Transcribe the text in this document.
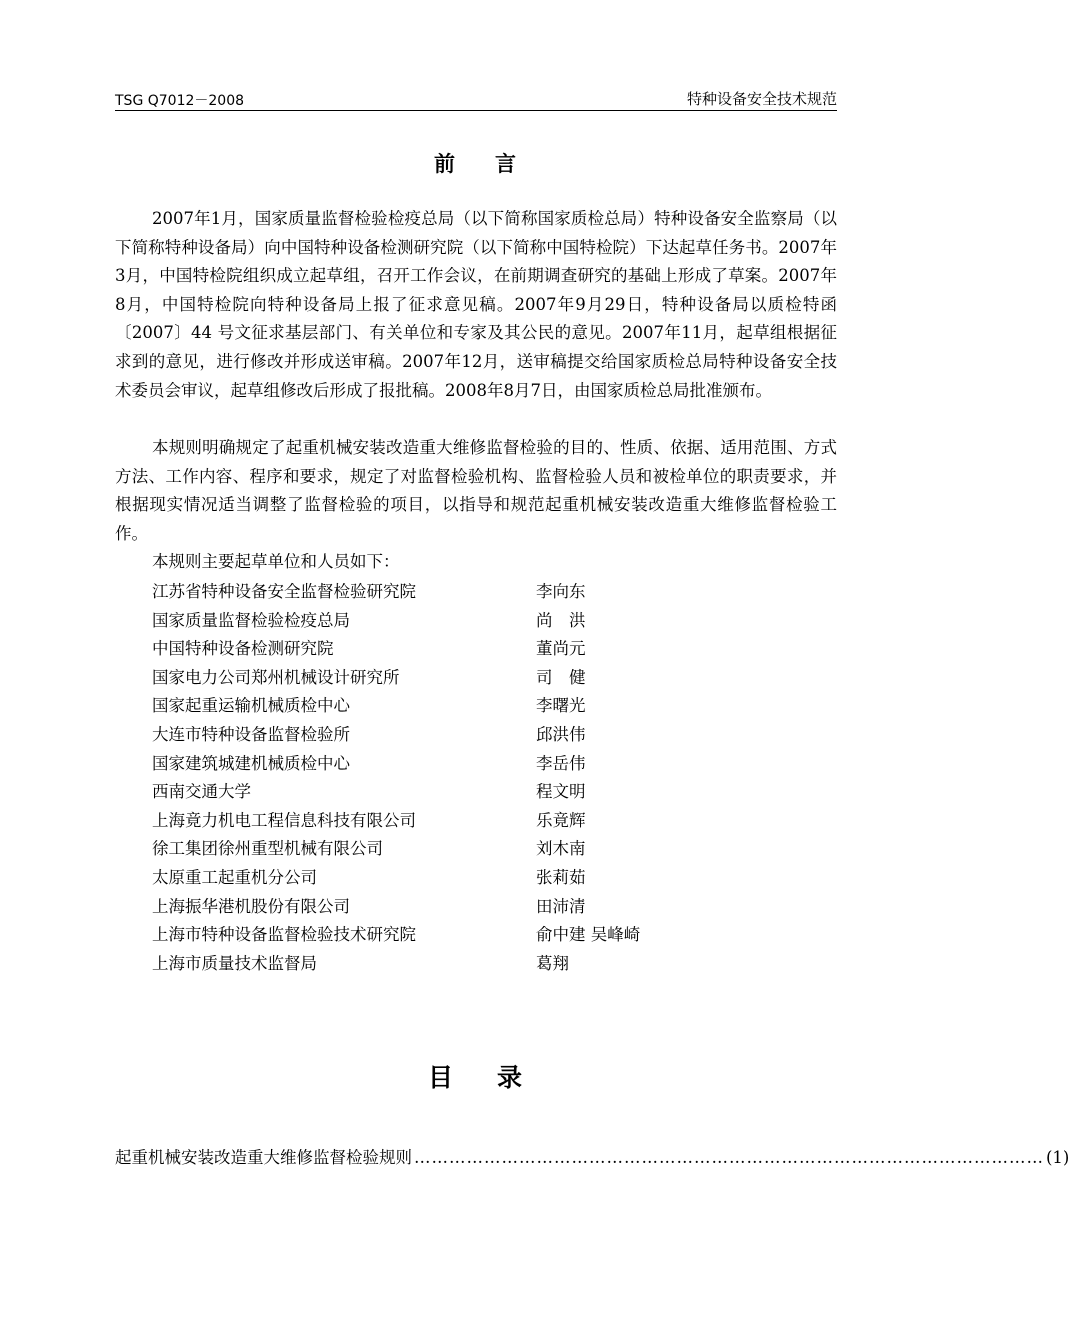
TSG Q7012－2008	特种设备安全技术规范
前言

2007年1月，国家质量监督检验检疫总局（以下简称国家质检总局）特种设备安全监察局（以下简称特种设备局）向中国特种设备检测研究院（以下简称中国特检院）下达起草任务书。2007年3月，中国特检院组织成立起草组，召开工作会议，在前期调查研究的基础上形成了草案。2007年8月，中国特检院向特种设备局上报了征求意见稿。2007年9月29日，特种设备局以质检特函〔2007〕44 号文征求基层部门、有关单位和专家及其公民的意见。2007年11月，起草组根据征求到的意见，进行修改并形成送审稿。2007年12月，送审稿提交给国家质检总局特种设备安全技术委员会审议，起草组修改后形成了报批稿。2008年8月7日，由国家质检总局批准颁布。

本规则明确规定了起重机械安装改造重大维修监督检验的目的、性质、依据、适用范围、方式方法、工作内容、程序和要求，规定了对监督检验机构、监督检验人员和被检单位的职责要求，并根据现实情况适当调整了监督检验的项目，以指导和规范起重机械安装改造重大维修监督检验工作。

本规则主要起草单位和人员如下：

江苏省特种设备安全监督检验研究院	李向东
国家质量监督检验检疫总局	尚　洪
中国特种设备检测研究院	董尚元
国家电力公司郑州机械设计研究所	司　健
国家起重运输机械质检中心	李曙光
大连市特种设备监督检验所	邱洪伟
国家建筑城建机械质检中心	李岳伟
西南交通大学	程文明
上海竟力机电工程信息科技有限公司	乐竟辉
徐工集团徐州重型机械有限公司	刘木南
太原重工起重机分公司	张莉茹
上海振华港机股份有限公司	田沛清
上海市特种设备监督检验技术研究院	俞中建 吴峰崎
上海市质量技术监督局	葛翔
目录
起重机械安装改造重大维修监督检验规则 ……………………………………………………………………………………………… (1)
